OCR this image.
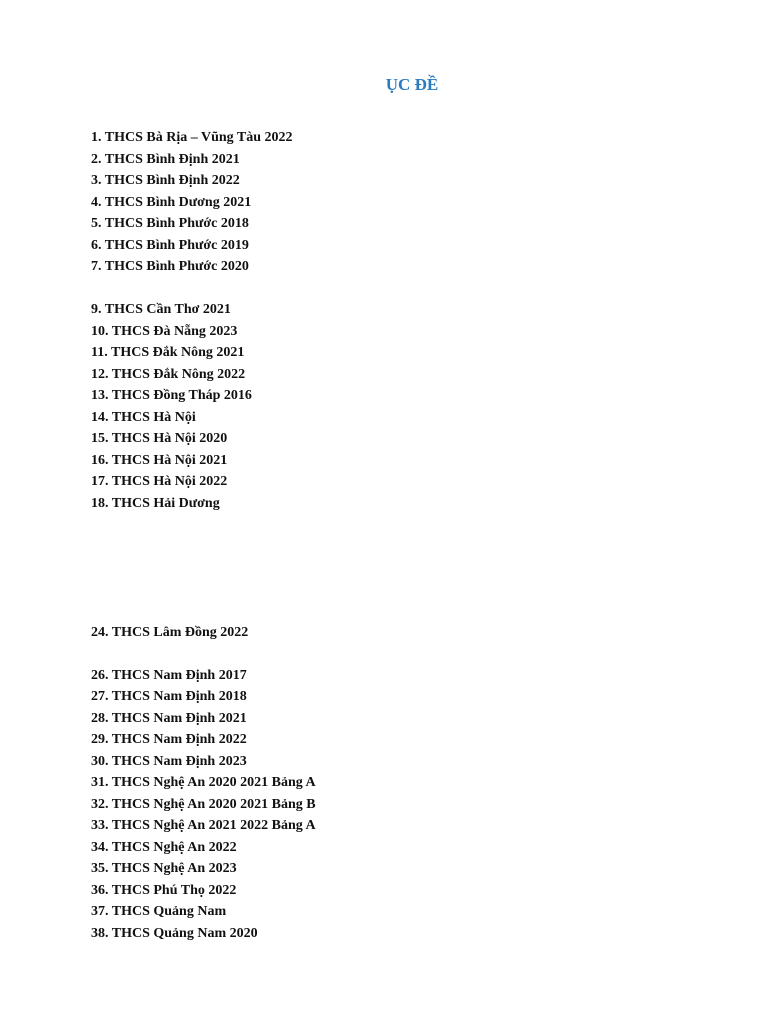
ỤC ĐỀ
1. THCS Bà Rịa – Vũng Tàu 2022
2. THCS Bình Định 2021
3. THCS Bình Định 2022
4. THCS Bình Dương 2021
5. THCS Bình Phước 2018
6. THCS Bình Phước 2019
7. THCS Bình Phước 2020
9. THCS Cần Thơ 2021
10. THCS Đà Nẵng 2023
11. THCS Đắk Nông 2021
12. THCS Đắk Nông 2022
13. THCS Đồng Tháp 2016
14. THCS Hà Nội
15. THCS Hà Nội 2020
16. THCS Hà Nội 2021
17. THCS Hà Nội 2022
18. THCS Hải Dương
24. THCS Lâm Đồng 2022
26. THCS Nam Định 2017
27. THCS Nam Định 2018
28. THCS Nam Định 2021
29. THCS Nam Định 2022
30. THCS Nam Định 2023
31. THCS Nghệ An 2020 2021 Bảng A
32. THCS Nghệ An 2020 2021 Bảng B
33. THCS Nghệ An 2021 2022 Bảng A
34. THCS Nghệ An 2022
35. THCS Nghệ An 2023
36. THCS Phú Thọ 2022
37. THCS Quảng Nam
38. THCS Quảng Nam 2020
